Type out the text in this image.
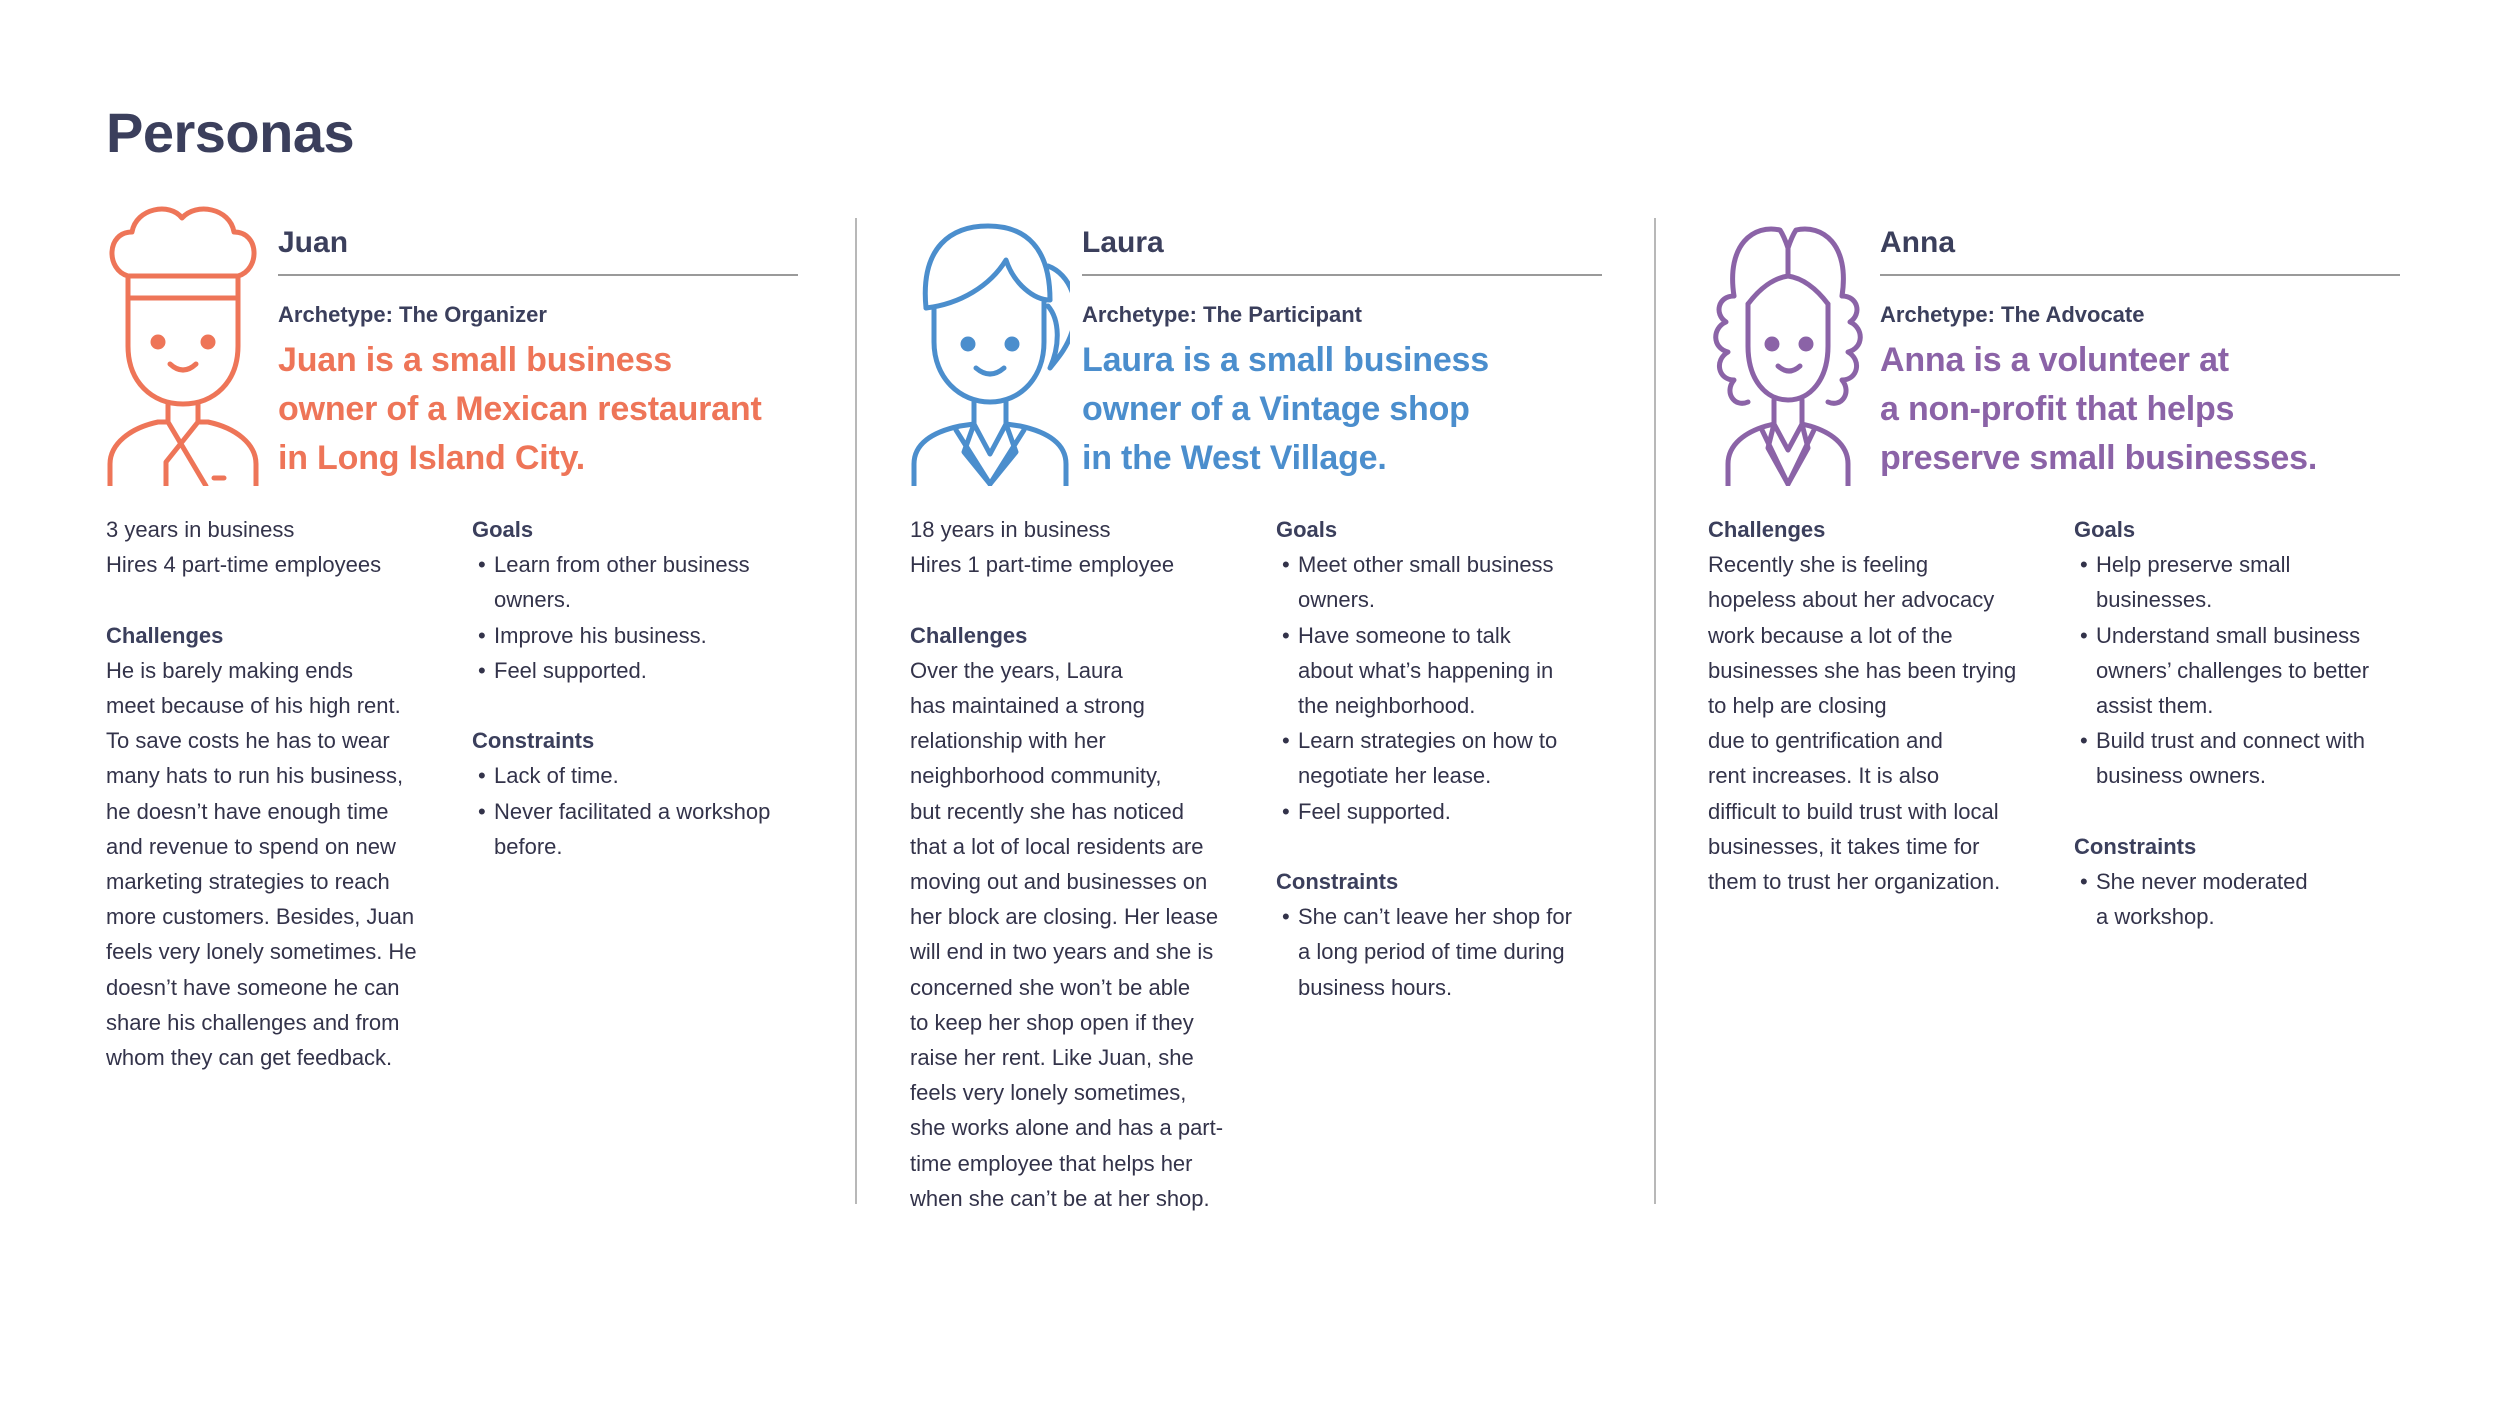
Personas
Juan
Archetype: The Organizer
Juan is a small business
owner of a Mexican restaurant
in Long Island City.
3 years in business
Hires 4 part-time employees
Challenges
He is barely making ends
meet because of his high rent.
To save costs he has to wear
many hats to run his business,
he doesn’t have enough time
and revenue to spend on new
marketing strategies to reach
more customers. Besides, Juan
feels very lonely sometimes. He
doesn’t have someone he can
share his challenges and from
whom they can get feedback.
Goals
• Learn from other business
owners.
• Improve his business.
• Feel supported.
Constraints
• Lack of time.
• Never facilitated a workshop
before.
Laura
Archetype: The Participant
Laura is a small business
owner of a Vintage shop
in the West Village.
18 years in business
Hires 1 part-time employee
Challenges
Over the years, Laura
has maintained a strong
relationship with her
neighborhood community,
but recently she has noticed
that a lot of local residents are
moving out and businesses on
her block are closing. Her lease
will end in two years and she is
concerned she won’t be able
to keep her shop open if they
raise her rent. Like Juan, she
feels very lonely sometimes,
she works alone and has a part-
time employee that helps her
when she can’t be at her shop.
Goals
• Meet other small business
owners.
• Have someone to talk
about what’s happening in
the neighborhood.
• Learn strategies on how to
negotiate her lease.
• Feel supported.
Constraints
• She can’t leave her shop for
a long period of time during
business hours.
Anna
Archetype: The Advocate
Anna is a volunteer at
a non-profit that helps
preserve small businesses.
Challenges
Recently she is feeling
hopeless about her advocacy
work because a lot of the
businesses she has been trying
to help are closing
due to gentrification and
rent increases. It is also
difficult to build trust with local
businesses, it takes time for
them to trust her organization.
Goals
• Help preserve small
businesses.
• Understand small business
owners’ challenges to better
assist them.
• Build trust and connect with
business owners.
Constraints
• She never moderated
a workshop.
